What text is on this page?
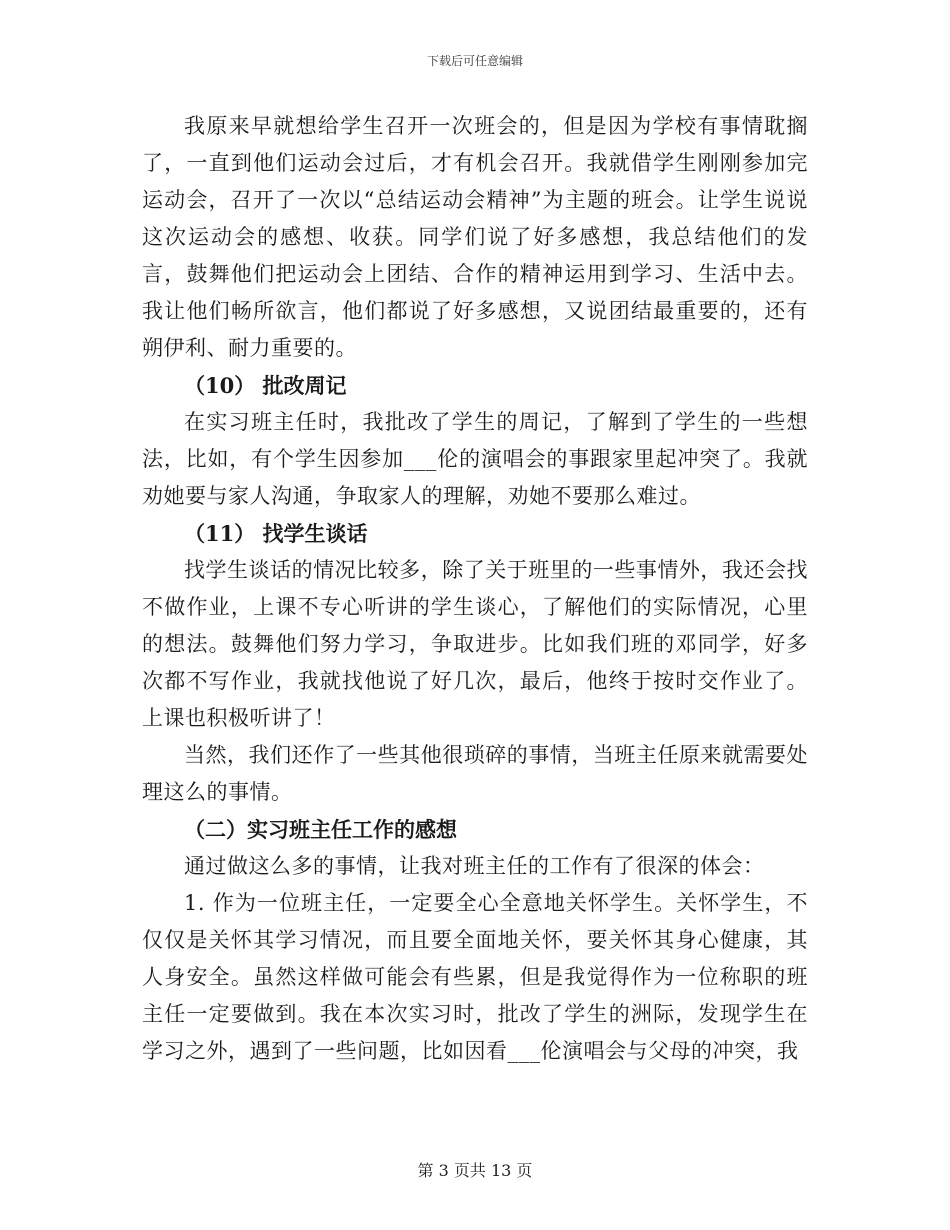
下载后可任意编辑

我原来早就想给学生召开一次班会的，但是因为学校有事情耽搁了，一直到他们运动会过后，才有机会召开。我就借学生刚刚参加完运动会，召开了一次以“总结运动会精神”为主题的班会。让学生说说这次运动会的感想、收获。同学们说了好多感想，我总结他们的发言，鼓舞他们把运动会上团结、合作的精神运用到学习、生活中去。我让他们畅所欲言，他们都说了好多感想，又说团结最重要的，还有朔伊利、耐力重要的。

（10） 批改周记

在实习班主任时，我批改了学生的周记，了解到了学生的一些想法，比如，有个学生因参加___伦的演唱会的事跟家里起冲突了。我就劝她要与家人沟通，争取家人的理解，劝她不要那么难过。

（11） 找学生谈话

找学生谈话的情况比较多，除了关于班里的一些事情外，我还会找不做作业，上课不专心听讲的学生谈心，了解他们的实际情况，心里的想法。鼓舞他们努力学习，争取进步。比如我们班的邓同学，好多次都不写作业，我就找他说了好几次，最后，他终于按时交作业了。上课也积极听讲了！

当然，我们还作了一些其他很琐碎的事情，当班主任原来就需要处理这么的事情。

（二）实习班主任工作的感想

通过做这么多的事情，让我对班主任的工作有了很深的体会：

1. 作为一位班主任，一定要全心全意地关怀学生。关怀学生，不仅仅是关怀其学习情况，而且要全面地关怀，要关怀其身心健康，其人身安全。虽然这样做可能会有些累，但是我觉得作为一位称职的班主任一定要做到。我在本次实习时，批改了学生的洲际，发现学生在学习之外，遇到了一些问题，比如因看___伦演唱会与父母的冲突，我

第 3 页共 13 页
